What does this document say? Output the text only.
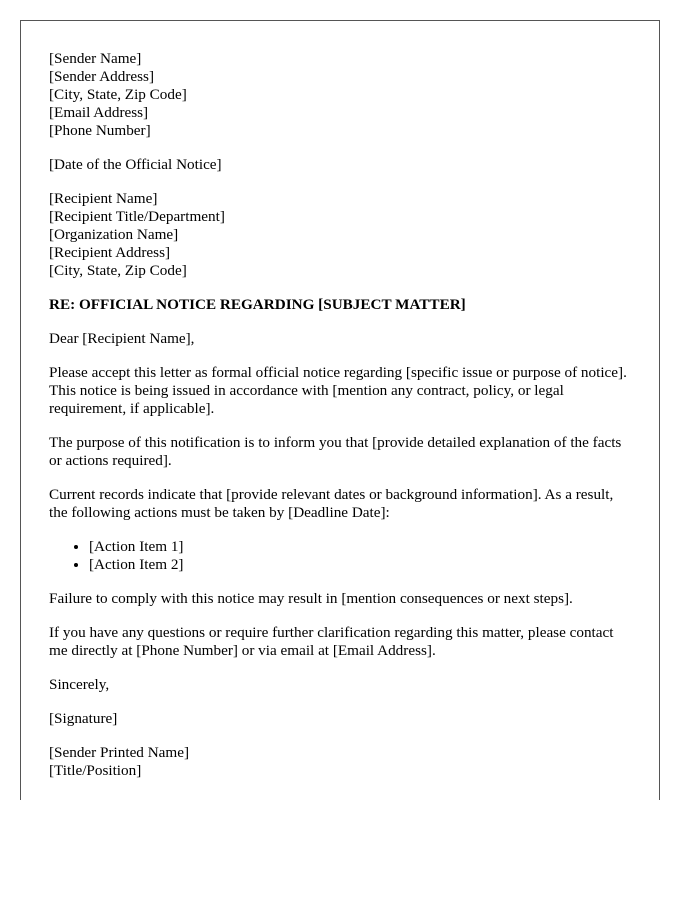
[Sender Name]
[Sender Address]
[City, State, Zip Code]
[Email Address]
[Phone Number]
[Date of the Official Notice]
[Recipient Name]
[Recipient Title/Department]
[Organization Name]
[Recipient Address]
[City, State, Zip Code]
RE: OFFICIAL NOTICE REGARDING [SUBJECT MATTER]

Dear [Recipient Name],

Please accept this letter as formal official notice regarding [specific issue or purpose of notice]. This notice is being issued in accordance with [mention any contract, policy, or legal requirement, if applicable].

The purpose of this notification is to inform you that [provide detailed explanation of the facts or actions required].

Current records indicate that [provide relevant dates or background information]. As a result, the following actions must be taken by [Deadline Date]:

• [Action Item 1]
• [Action Item 2]

Failure to comply with this notice may result in [mention consequences or next steps].

If you have any questions or require further clarification regarding this matter, please contact me directly at [Phone Number] or via email at [Email Address].

Sincerely,

[Signature]

[Sender Printed Name]
[Title/Position]
